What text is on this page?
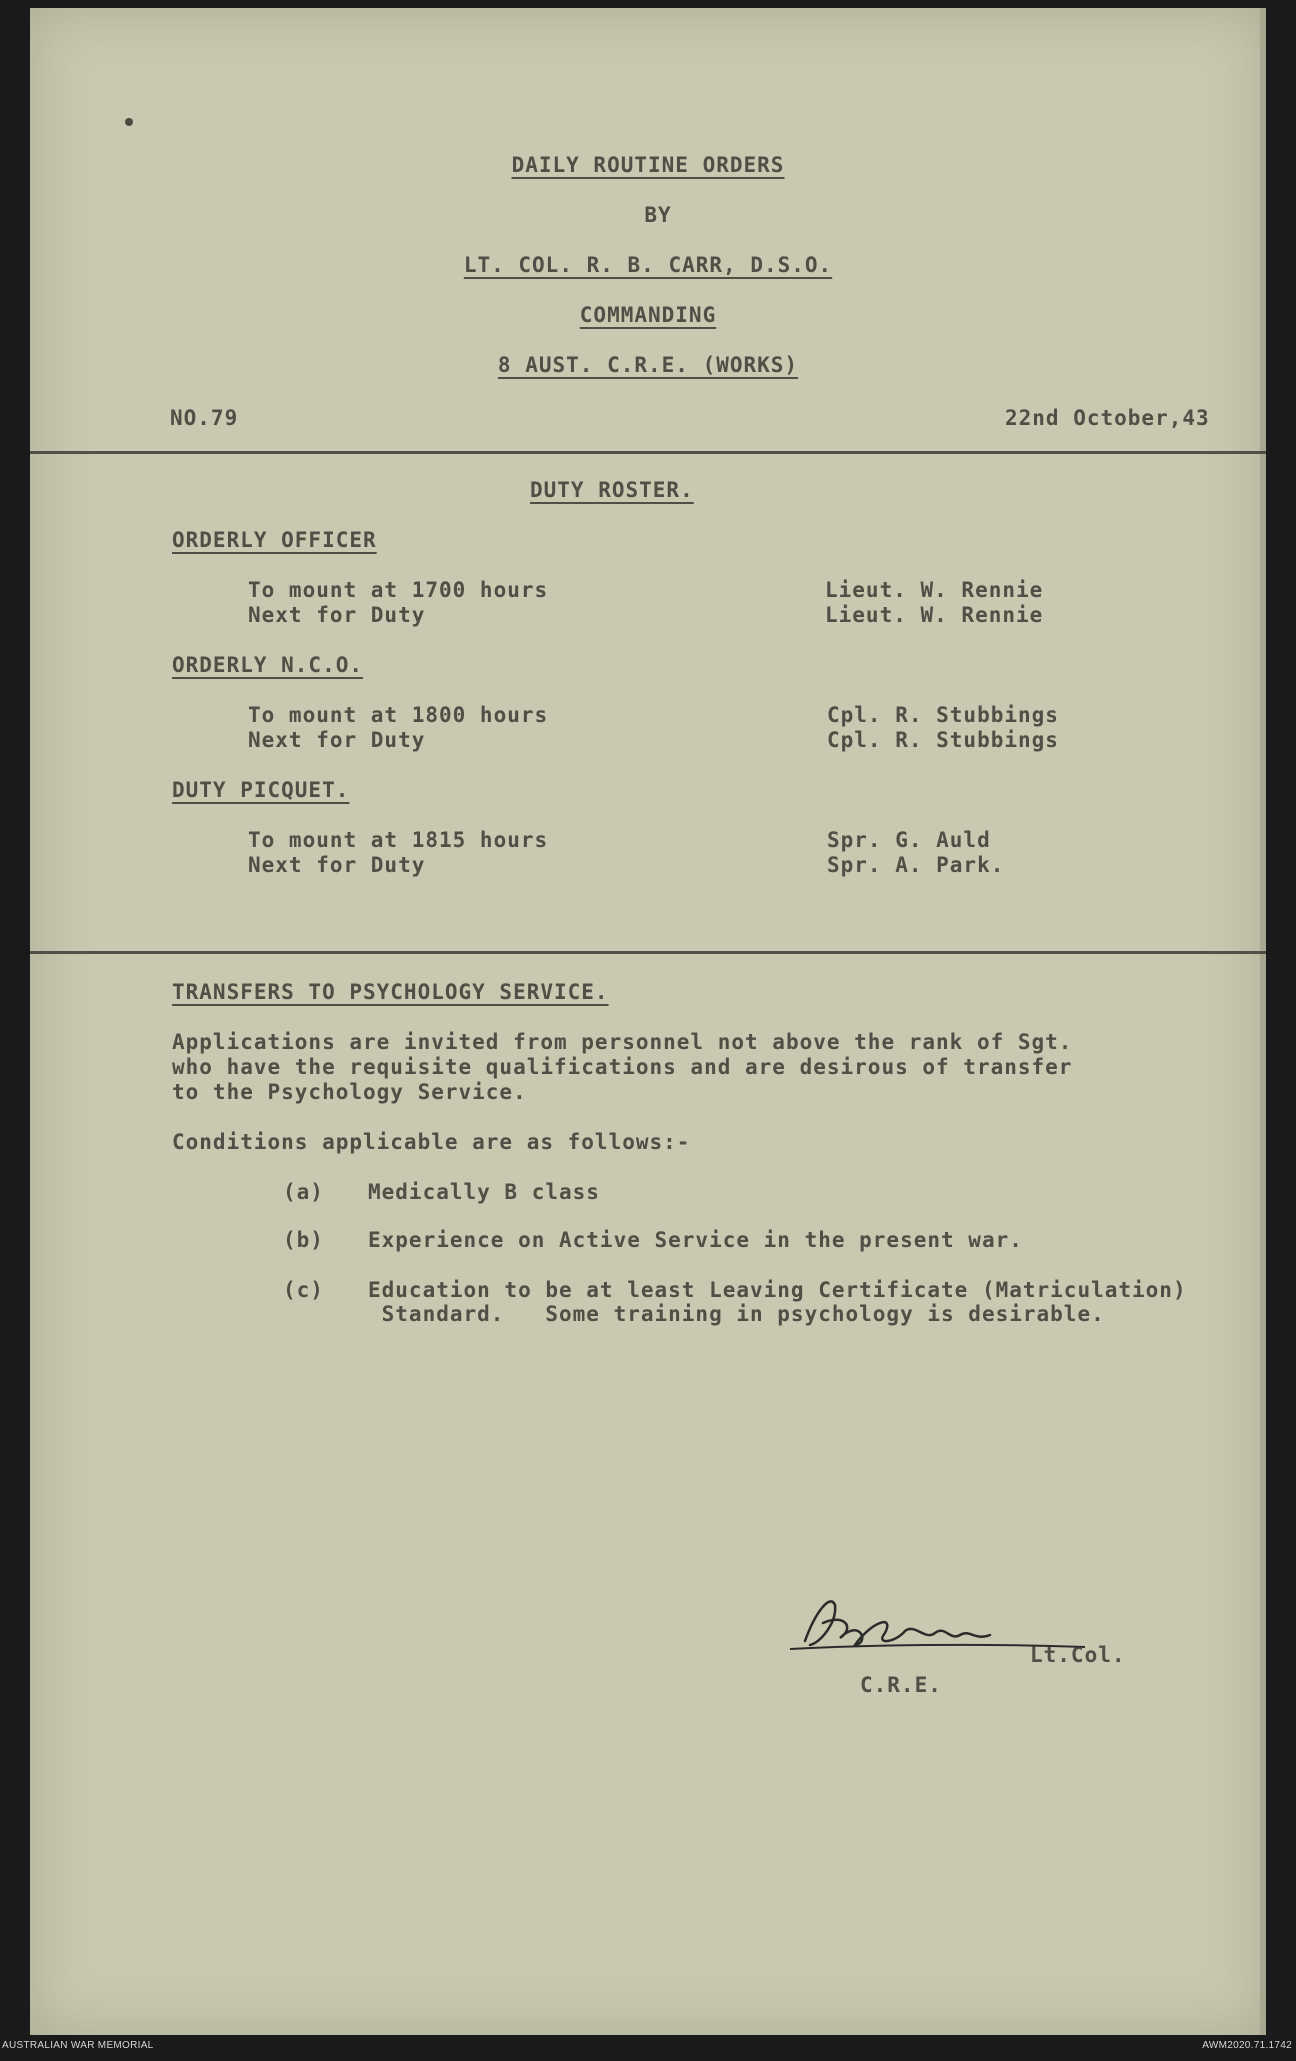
DAILY ROUTINE ORDERS
BY
LT. COL. R. B. CARR, D.S.O.
COMMANDING
8 AUST. C.R.E. (WORKS)
NO.79	22nd October,43
DUTY ROSTER.
ORDERLY OFFICER
To mount at 1700 hours	Lieut. W. Rennie
Next for Duty	Lieut. W. Rennie
ORDERLY N.C.O.
To mount at 1800 hours	Cpl. R. Stubbings
Next for Duty	Cpl. R. Stubbings
DUTY PICQUET.
To mount at 1815 hours	Spr. G. Auld
Next for Duty	Spr. A. Park.
TRANSFERS TO PSYCHOLOGY SERVICE.
Applications are invited from personnel not above the rank of Sgt.
who have the requisite qualifications and are desirous of transfer
to the Psychology Service.
Conditions applicable are as follows:-
(a) Medically B class
(b) Experience on Active Service in the present war.
(c) Education to be at least Leaving Certificate (Matriculation)
Standard.   Some training in psychology is desirable.
Lt.Col.
C.R.E.
AUSTRALIAN WAR MEMORIAL	AWM2020.71.1742
